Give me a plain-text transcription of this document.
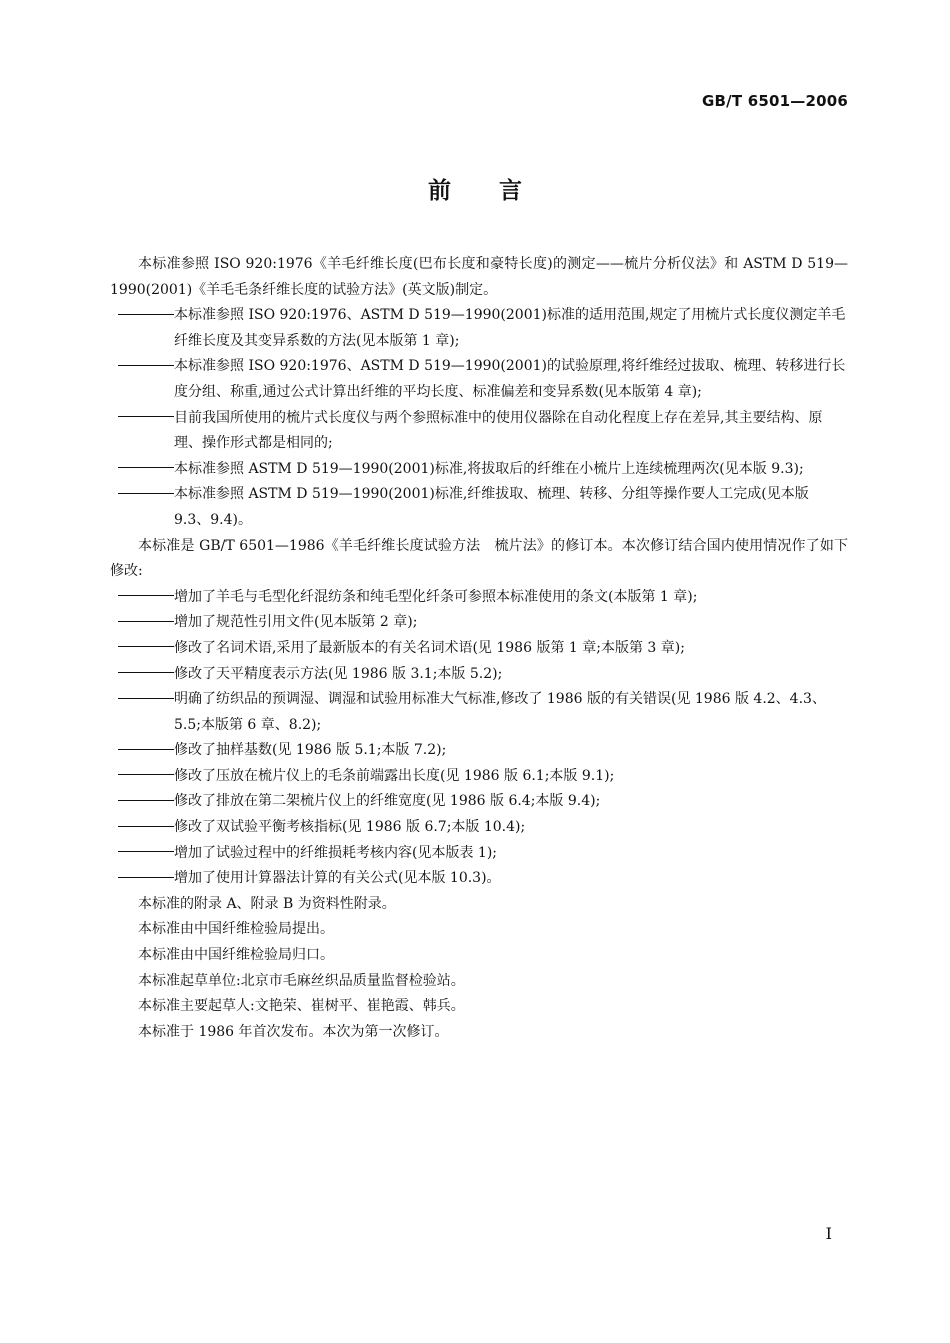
GB/T 6501—2006
前言

本标准参照 ISO 920:1976《羊毛纤维长度(巴布长度和豪特长度)的测定——梳片分析仪法》和 ASTM D 519—1990(2001)《羊毛毛条纤维长度的试验方法》(英文版)制定。

本标准参照 ISO 920:1976、ASTM D 519—1990(2001)标准的适用范围,规定了用梳片式长度仪测定羊毛纤维长度及其变异系数的方法(见本版第 1 章);

本标准参照 ISO 920:1976、ASTM D 519—1990(2001)的试验原理,将纤维经过拔取、梳理、转移进行长度分组、称重,通过公式计算出纤维的平均长度、标准偏差和变异系数(见本版第 4 章);

目前我国所使用的梳片式长度仪与两个参照标准中的使用仪器除在自动化程度上存在差异,其主要结构、原理、操作形式都是相同的;

本标准参照 ASTM D 519—1990(2001)标准,将拔取后的纤维在小梳片上连续梳理两次(见本版 9.3);

本标准参照 ASTM D 519—1990(2001)标准,纤维拔取、梳理、转移、分组等操作要人工完成(见本版 9.3、9.4)。

本标准是 GB/T 6501—1986《羊毛纤维长度试验方法　梳片法》的修订本。本次修订结合国内使用情况作了如下修改:

增加了羊毛与毛型化纤混纺条和纯毛型化纤条可参照本标准使用的条文(本版第 1 章);

增加了规范性引用文件(见本版第 2 章);

修改了名词术语,采用了最新版本的有关名词术语(见 1986 版第 1 章;本版第 3 章);

修改了天平精度表示方法(见 1986 版 3.1;本版 5.2);

明确了纺织品的预调湿、调湿和试验用标准大气标准,修改了 1986 版的有关错误(见 1986 版 4.2、4.3、5.5;本版第 6 章、8.2);

修改了抽样基数(见 1986 版 5.1;本版 7.2);

修改了压放在梳片仪上的毛条前端露出长度(见 1986 版 6.1;本版 9.1);

修改了排放在第二架梳片仪上的纤维宽度(见 1986 版 6.4;本版 9.4);

修改了双试验平衡考核指标(见 1986 版 6.7;本版 10.4);

增加了试验过程中的纤维损耗考核内容(见本版表 1);

增加了使用计算器法计算的有关公式(见本版 10.3)。

本标准的附录 A、附录 B 为资料性附录。

本标准由中国纤维检验局提出。

本标准由中国纤维检验局归口。

本标准起草单位:北京市毛麻丝织品质量监督检验站。

本标准主要起草人:文艳荣、崔树平、崔艳霞、韩兵。

本标准于 1986 年首次发布。本次为第一次修订。

I
